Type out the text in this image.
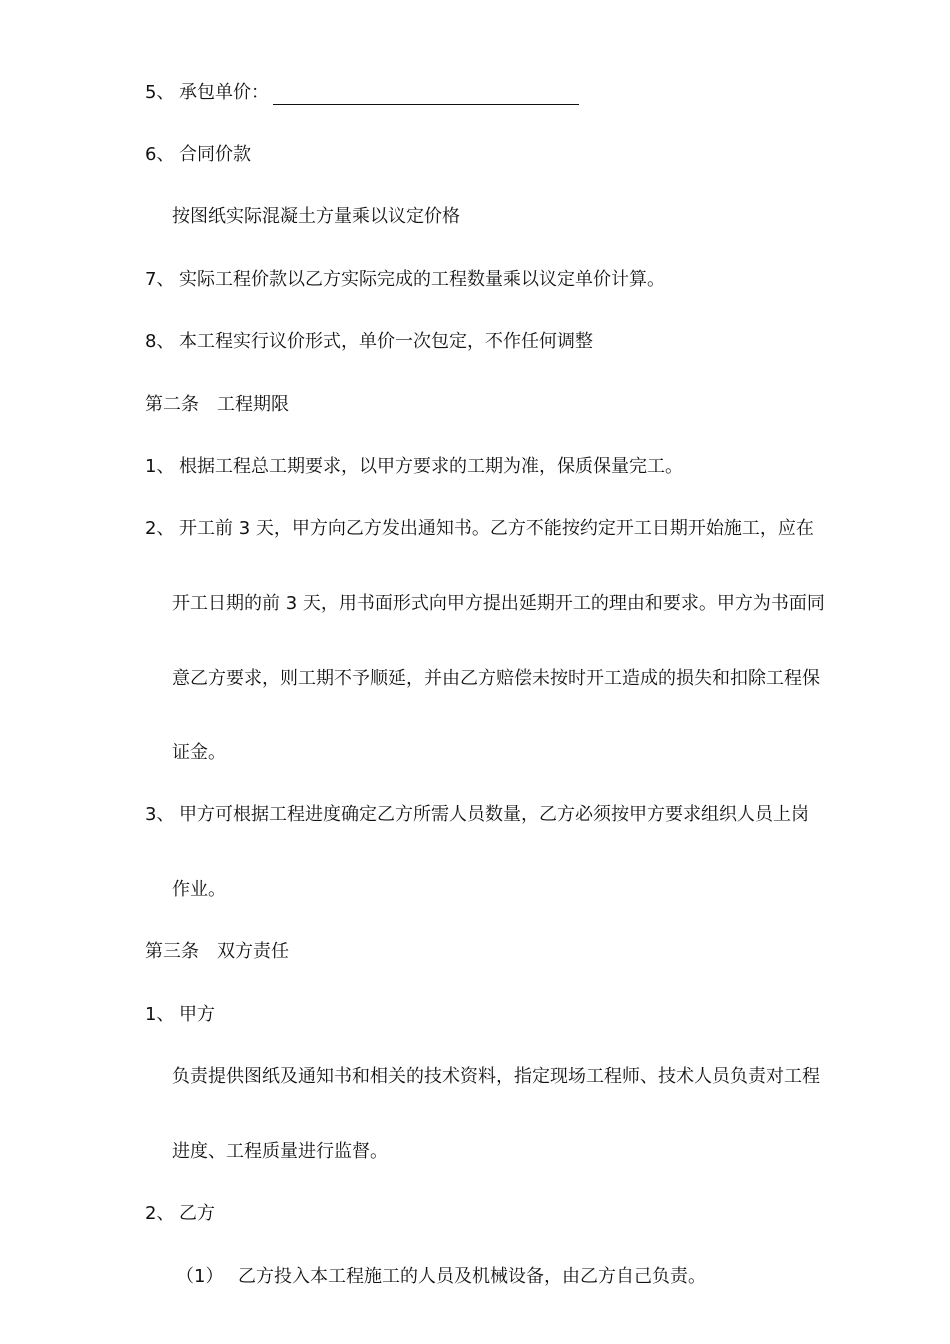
5、 承包单价：

6、 合同价款

按图纸实际混凝土方量乘以议定价格

7、 实际工程价款以乙方实际完成的工程数量乘以议定单价计算。

8、 本工程实行议价形式，单价一次包定，不作任何调整

第二条 工程期限

1、 根据工程总工期要求，以甲方要求的工期为准，保质保量完工。

2、 开工前 3 天，甲方向乙方发出通知书。乙方不能按约定开工日期开始施工，应在

开工日期的前 3 天，用书面形式向甲方提出延期开工的理由和要求。甲方为书面同

意乙方要求，则工期不予顺延，并由乙方赔偿未按时开工造成的损失和扣除工程保

证金。

3、 甲方可根据工程进度确定乙方所需人员数量，乙方必须按甲方要求组织人员上岗

作业。

第三条 双方责任

1、 甲方

负责提供图纸及通知书和相关的技术资料，指定现场工程师、技术人员负责对工程

进度、工程质量进行监督。

2、 乙方

（1） 乙方投入本工程施工的人员及机械设备，由乙方自己负责。
